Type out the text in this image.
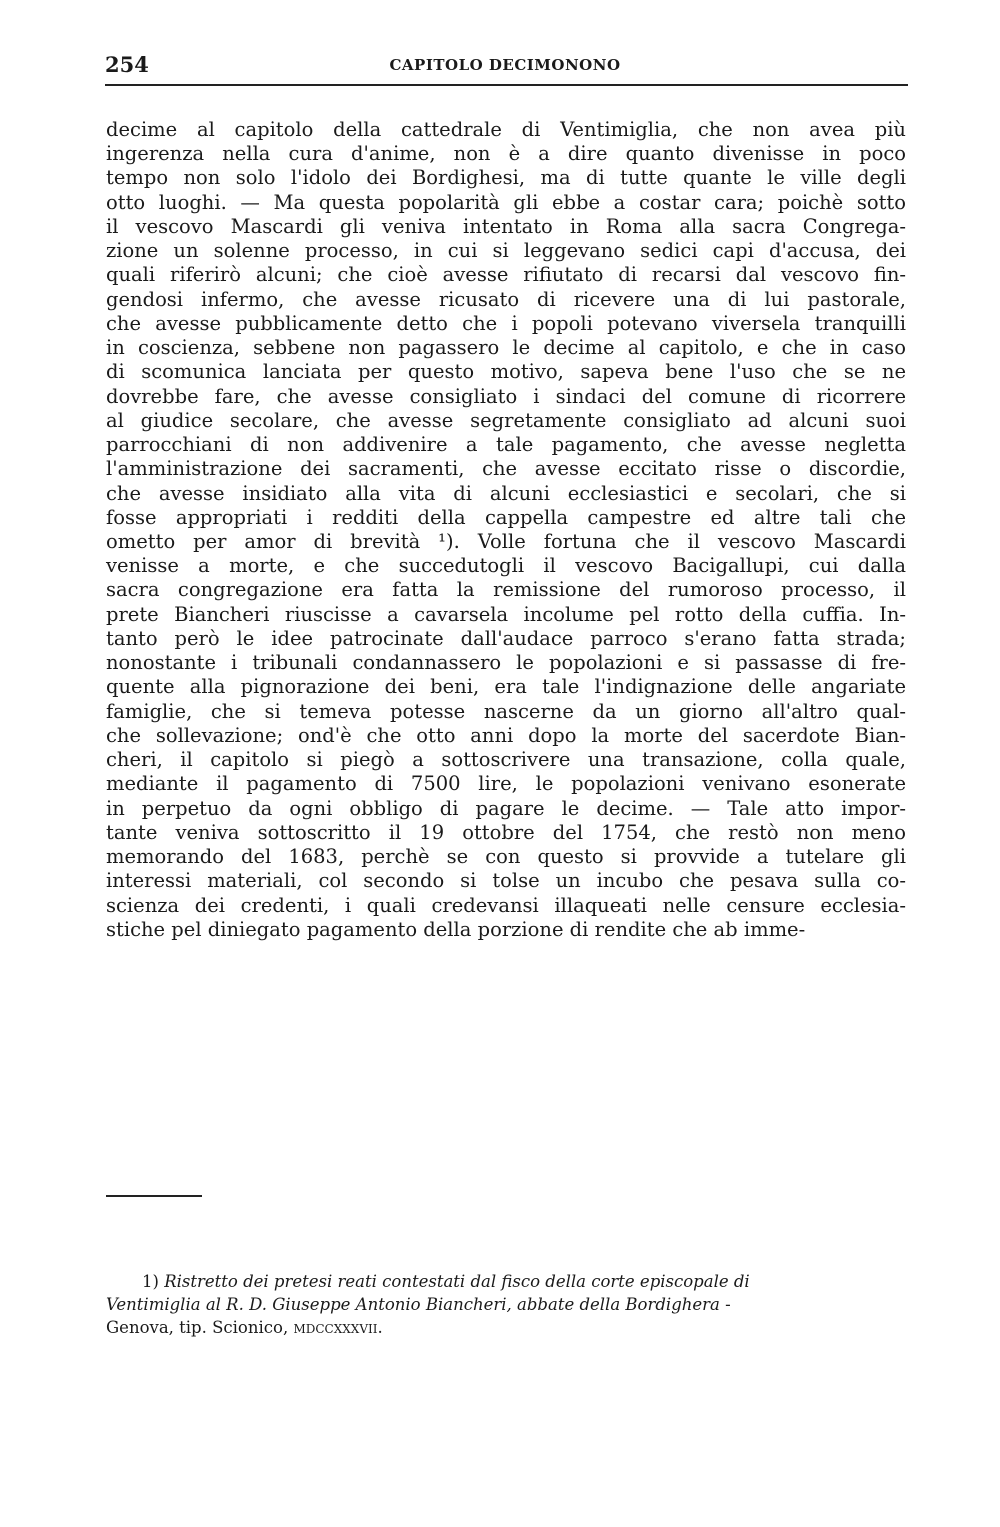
254	CAPITOLO DECIMONONO
decime al capitolo della cattedrale di Ventimiglia, che non avea più
ingerenza nella cura d'anime, non è a dire quanto divenisse in poco
tempo non solo l'idolo dei Bordighesi, ma di tutte quante le ville degli
otto luoghi. — Ma questa popolarità gli ebbe a costar cara; poichè sotto
il vescovo Mascardi gli veniva intentato in Roma alla sacra Congrega-
zione un solenne processo, in cui si leggevano sedici capi d'accusa, dei
quali riferirò alcuni; che cioè avesse rifiutato di recarsi dal vescovo fin-
gendosi infermo, che avesse ricusato di ricevere una di lui pastorale,
che avesse pubblicamente detto che i popoli potevano viversela tranquilli
in coscienza, sebbene non pagassero le decime al capitolo, e che in caso
di scomunica lanciata per questo motivo, sapeva bene l'uso che se ne
dovrebbe fare, che avesse consigliato i sindaci del comune di ricorrere
al giudice secolare, che avesse segretamente consigliato ad alcuni suoi
parrocchiani di non addivenire a tale pagamento, che avesse negletta
l'amministrazione dei sacramenti, che avesse eccitato risse o discordie,
che avesse insidiato alla vita di alcuni ecclesiastici e secolari, che si
fosse appropriati i redditi della cappella campestre ed altre tali che
ometto per amor di brevità ¹). Volle fortuna che il vescovo Mascardi
venisse a morte, e che succedutogli il vescovo Bacigallupi, cui dalla
sacra congregazione era fatta la remissione del rumoroso processo, il
prete Biancheri riuscisse a cavarsela incolume pel rotto della cuffia. In-
tanto però le idee patrocinate dall'audace parroco s'erano fatta strada;
nonostante i tribunali condannassero le popolazioni e si passasse di fre-
quente alla pignorazione dei beni, era tale l'indignazione delle angariate
famiglie, che si temeva potesse nascerne da un giorno all'altro qual-
che sollevazione; ond'è che otto anni dopo la morte del sacerdote Bian-
cheri, il capitolo si piegò a sottoscrivere una transazione, colla quale,
mediante il pagamento di 7500 lire, le popolazioni venivano esonerate
in perpetuo da ogni obbligo di pagare le decime. — Tale atto impor-
tante veniva sottoscritto il 19 ottobre del 1754, che restò non meno
memorando del 1683, perchè se con questo si provvide a tutelare gli
interessi materiali, col secondo si tolse un incubo che pesava sulla co-
scienza dei credenti, i quali credevansi illaqueati nelle censure ecclesia-
stiche pel diniegato pagamento della porzione di rendite che ab imme-
1) Ristretto dei pretesi reati contestati dal fisco della corte episcopale di
Ventimiglia al R. D. Giuseppe Antonio Biancheri, abbate della Bordighera -
Genova, tip. Scionico, mdccxxxvii.
